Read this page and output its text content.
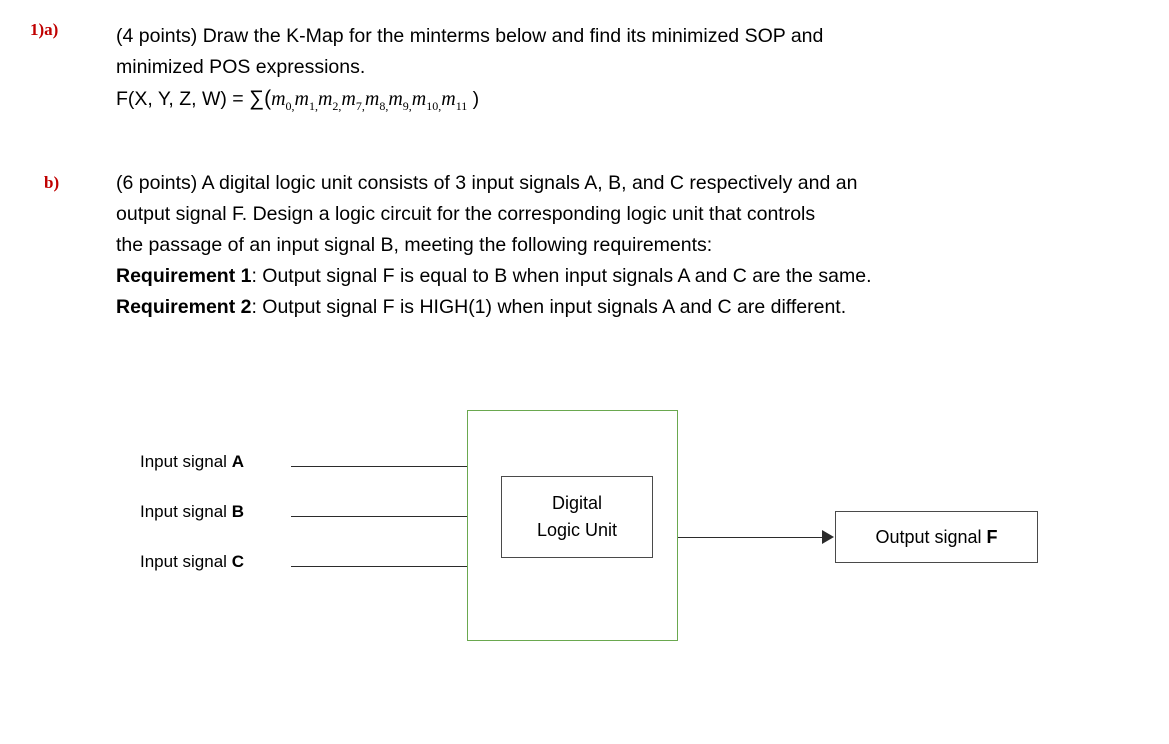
1)a)	(4 points) Draw the K-Map for the minterms below and find its minimized SOP and
minimized POS expressions.
F(X, Y, Z, $W) = \sum(m_{0,}m_{1,}m_{2,}m_{7,}m_{8,}m_{9,}m_{10,}m_{11}$ )
b)	(6 points) A digital logic unit consists of 3 input signals A, B, and C respectively and an
output signal F. Design a logic circuit for the corresponding logic unit that controls
the passage of an input signal B, meeting the following requirements:
Requirement 1: Output signal F is equal to B when input signals A and C are the same.
Requirement 2: Output signal F is HIGH(1) when input signals A and C are different.
Input signal A
Input signal B
Input signal C
Digital
Logic Unit	Output signal F
